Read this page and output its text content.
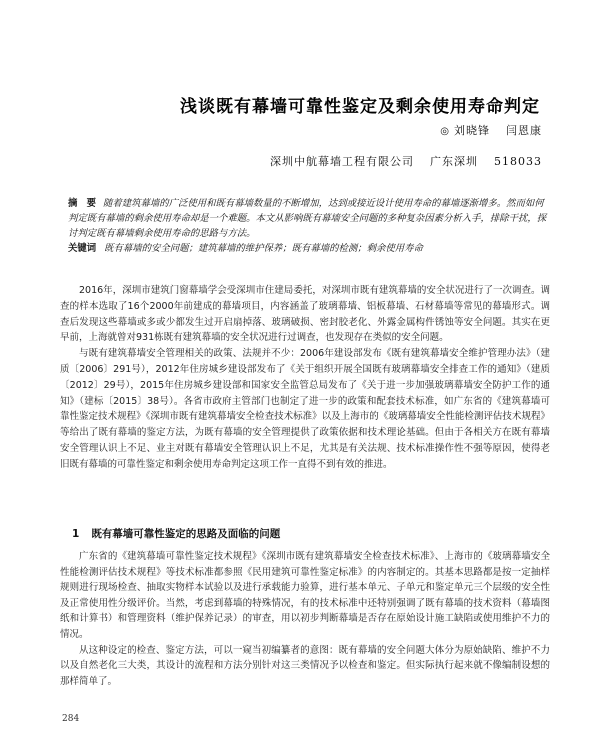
浅谈既有幕墙可靠性鉴定及剩余使用寿命判定
◎ 刘晓锋 闫恩康
深圳中航幕墙工程有限公司 广东深圳 518033
摘 要 随着建筑幕墙的广泛使用和既有幕墙数量的不断增加，达到或接近设计使用寿命的幕墙逐渐增多。然而如何判定既有幕墙的剩余使用寿命却是一个难题。本文从影响既有幕墙安全问题的多种复杂因素分析入手，排除干扰，探讨判定既有幕墙剩余使用寿命的思路与方法。
关键词 既有幕墙的安全问题；建筑幕墙的维护保养；既有幕墙的检测；剩余使用寿命

2016年，深圳市建筑门窗幕墙学会受深圳市住建局委托，对深圳市既有建筑幕墙的安全状况进行了一次调查。调查的样本选取了16个2000年前建成的幕墙项目，内容涵盖了玻璃幕墙、铝板幕墙、石材幕墙等常见的幕墙形式。调查后发现这些幕墙或多或少都发生过开启扇掉落、玻璃破损、密封胶老化、外露金属构件锈蚀等安全问题。其实在更早前，上海就曾对931栋既有建筑幕墙的安全状况进行过调查，也发现存在类似的安全问题。

与既有建筑幕墙安全管理相关的政策、法规并不少：2006年建设部发布《既有建筑幕墙安全维护管理办法》（建质〔2006〕291号），2012年住房城乡建设部发布了《关于组织开展全国既有玻璃幕墙安全排查工作的通知》（建质〔2012〕29号），2015年住房城乡建设部和国家安全监管总局发布了《关于进一步加强玻璃幕墙安全防护工作的通知》（建标〔2015〕38号）。各省市政府主管部门也制定了进一步的政策和配套技术标准，如广东省的《建筑幕墙可靠性鉴定技术规程》《深圳市既有建筑幕墙安全检查技术标准》以及上海市的《玻璃幕墙安全性能检测评估技术规程》等给出了既有幕墙的鉴定方法，为既有幕墙的安全管理提供了政策依据和技术理论基础。但由于各相关方在既有幕墙安全管理认识上不足、业主对既有幕墙安全管理认识上不足，尤其是有关法规、技术标准操作性不强等原因，使得老旧既有幕墙的可靠性鉴定和剩余使用寿命判定这项工作一直得不到有效的推进。

1 既有幕墙可靠性鉴定的思路及面临的问题

广东省的《建筑幕墙可靠性鉴定技术规程》《深圳市既有建筑幕墙安全检查技术标准》、上海市的《玻璃幕墙安全性能检测评估技术规程》等技术标准都参照《民用建筑可靠性鉴定标准》的内容制定的。其基本思路都是按一定抽样规则进行现场检查、抽取实物样本试验以及进行承载能力验算，进行基本单元、子单元和鉴定单元三个层级的安全性及正常使用性分级评价。当然，考虑到幕墙的特殊情况，有的技术标准中还特别强调了既有幕墙的技术资料（幕墙图纸和计算书）和管理资料（维护保养记录）的审查，用以初步判断幕墙是否存在原始设计施工缺陷或使用维护不力的情况。

从这种设定的检查、鉴定方法，可以一窥当初编纂者的意图：既有幕墙的安全问题大体分为原始缺陷、维护不力以及自然老化三大类，其设计的流程和方法分别针对这三类情况予以检查和鉴定。但实际执行起来就不像编制设想的那样简单了。

284
